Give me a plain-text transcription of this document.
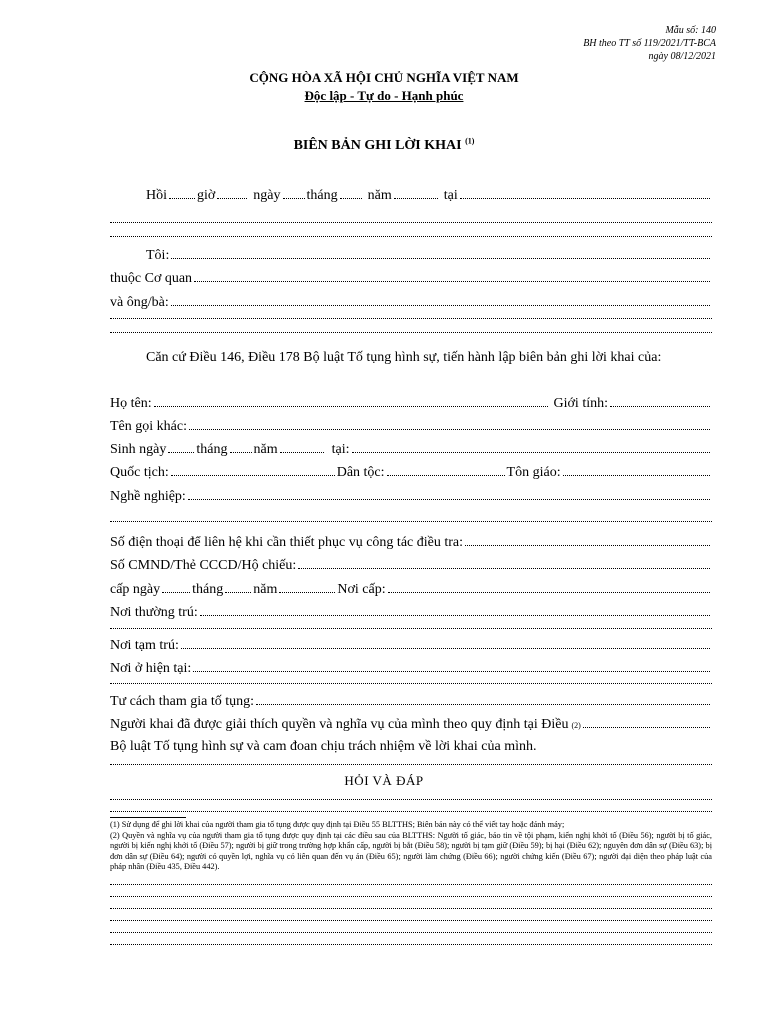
Mẫu số: 140
BH theo TT số 119/2021/TT-BCA
ngày 08/12/2021
CỘNG HÒA XÃ HỘI CHỦ NGHĨA VIỆT NAM
Độc lập - Tự do - Hạnh phúc
BIÊN BẢN GHI LỜI KHAI $^{(1)}$
Hồi giờ	ngày tháng năm	tại
Tôi:
thuộc Cơ quan
và ông/bà:
Căn cứ Điều 146, Điều 178 Bộ luật Tố tụng hình sự, tiến hành lập biên bản ghi lời khai của:
Họ tên:	Giới tính:
Tên gọi khác:
Sinh ngày tháng năm	tại:
Quốc tịch:	Dân tộc:	Tôn giáo:
Nghề nghiệp:
Số điện thoại để liên hệ khi cần thiết phục vụ công tác điều tra:
Số CMND/Thẻ CCCD/Hộ chiếu:
cấp ngày tháng năm	Nơi cấp:
Nơi thường trú:
Nơi tạm trú:
Nơi ở hiện tại:
Tư cách tham gia tố tụng:
Người khai đã được giải thích quyền và nghĩa vụ của mình theo quy định tại Điều (2)
Bộ luật Tố tụng hình sự và cam đoan chịu trách nhiệm về lời khai của mình.
HỎI VÀ ĐÁP

(1) Sử dụng để ghi lời khai của người tham gia tố tụng được quy định tại Điều 55 BLTTHS; Biên bản này có thể viết tay hoặc đánh máy;

(2) Quyền và nghĩa vụ của người tham gia tố tụng được quy định tại các điều sau của BLTTHS: Người tố giác, báo tin về tội phạm, kiến nghị khởi tố (Điều 56); người bị tố giác, người bị kiến nghị khởi tố (Điều 57); người bị giữ trong trường hợp khẩn cấp, người bị bắt (Điều 58); người bị tạm giữ (Điều 59); bị hại (Điều 62); nguyên đơn dân sự (Điều 63); bị đơn dân sự (Điều 64); người có quyền lợi, nghĩa vụ có liên quan đến vụ án (Điều 65); người làm chứng (Điều 66); người chứng kiến (Điều 67); người đại diện theo pháp luật của pháp nhân (Điều 435, Điều 442).
